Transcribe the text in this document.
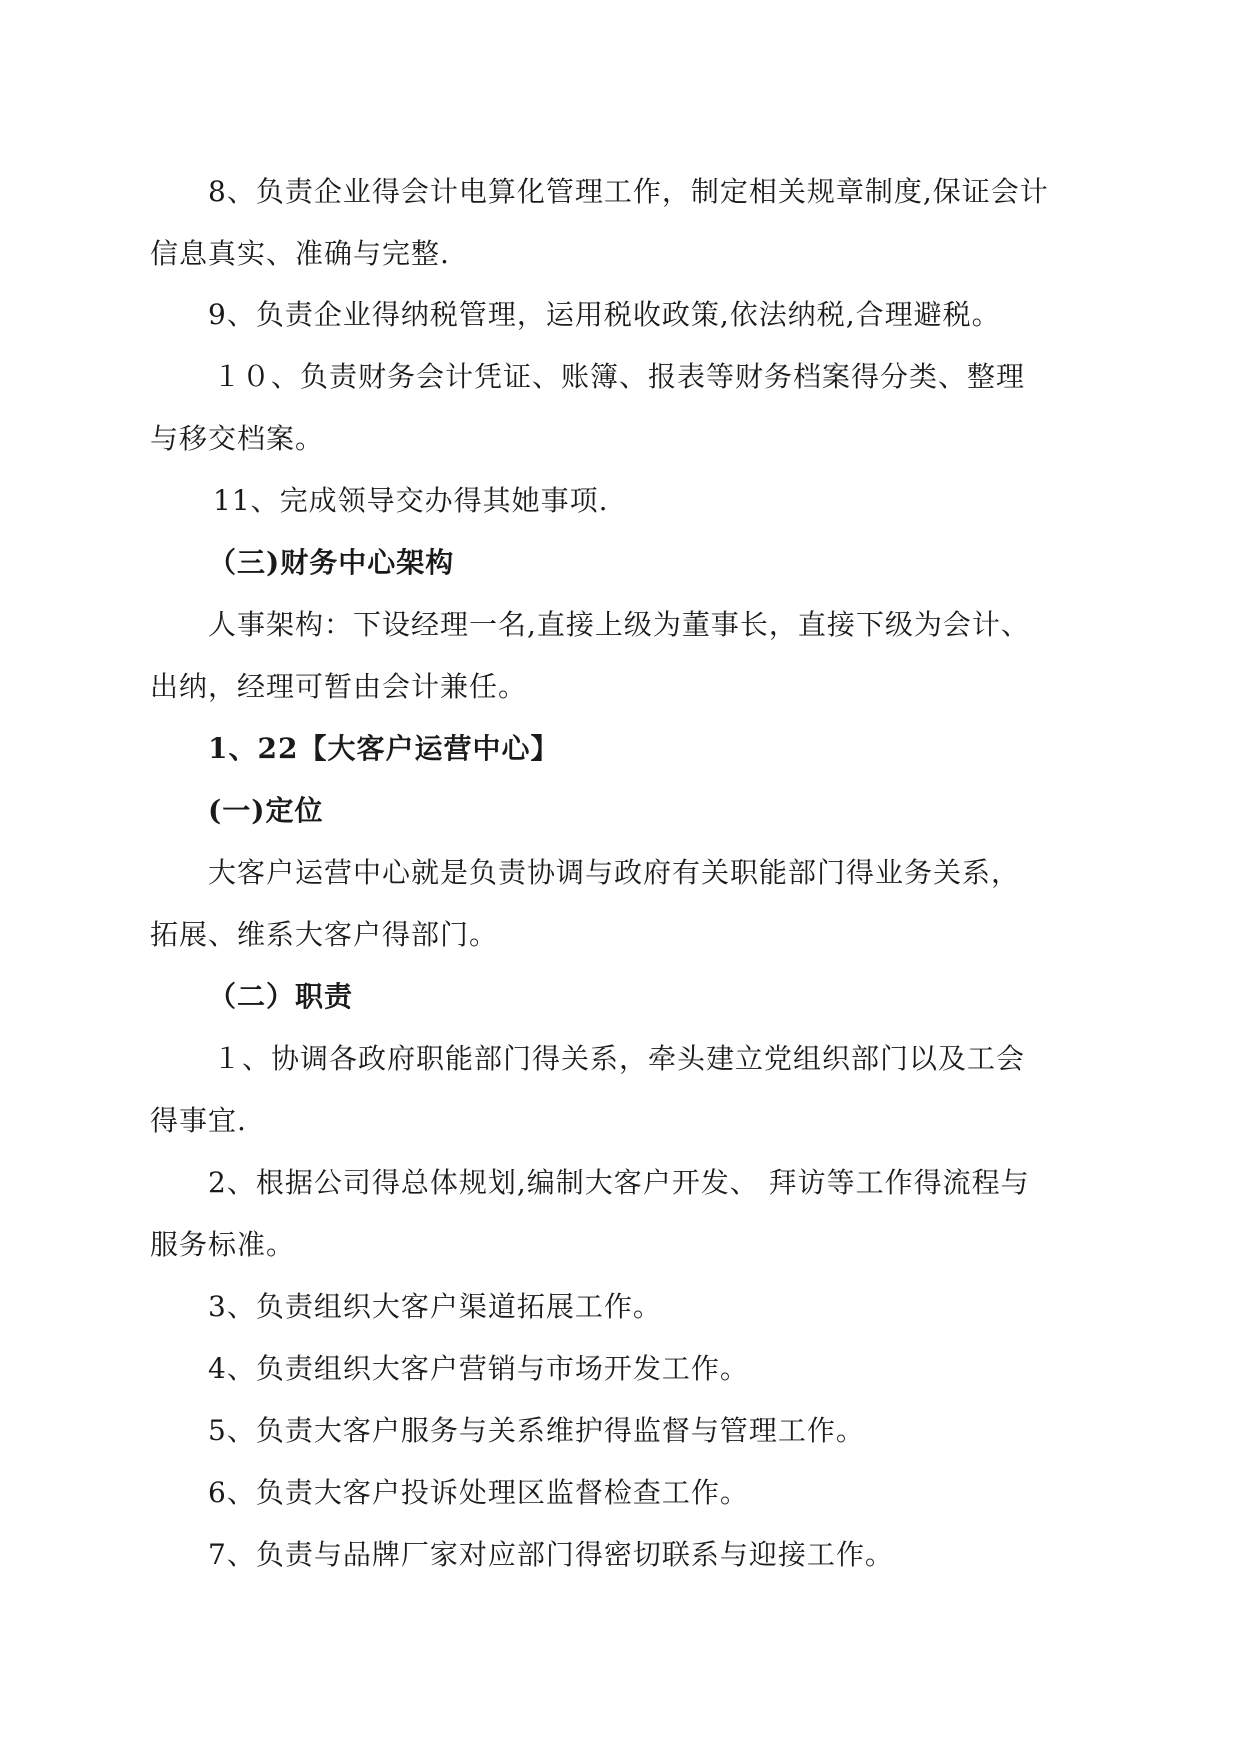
8、负责企业得会计电算化管理工作，制定相关规章制度,保证会计
信息真实、准确与完整.
9、负责企业得纳税管理，运用税收政策,依法纳税,合理避税。
１０、负责财务会计凭证、账簿、报表等财务档案得分类、整理
与移交档案。
11、完成领导交办得其她事项.
（三)财务中心架构
人事架构：下设经理一名,直接上级为董事长，直接下级为会计、
出纳，经理可暂由会计兼任。
1、22【大客户运营中心】
(一)定位
大客户运营中心就是负责协调与政府有关职能部门得业务关系，
拓展、维系大客户得部门。
（二）职责
１、协调各政府职能部门得关系，牵头建立党组织部门以及工会
得事宜.
2、根据公司得总体规划,编制大客户开发、 拜访等工作得流程与
服务标准。
3、负责组织大客户渠道拓展工作。
4、负责组织大客户营销与市场开发工作。
5、负责大客户服务与关系维护得监督与管理工作。
6、负责大客户投诉处理区监督检查工作。
7、负责与品牌厂家对应部门得密切联系与迎接工作。
